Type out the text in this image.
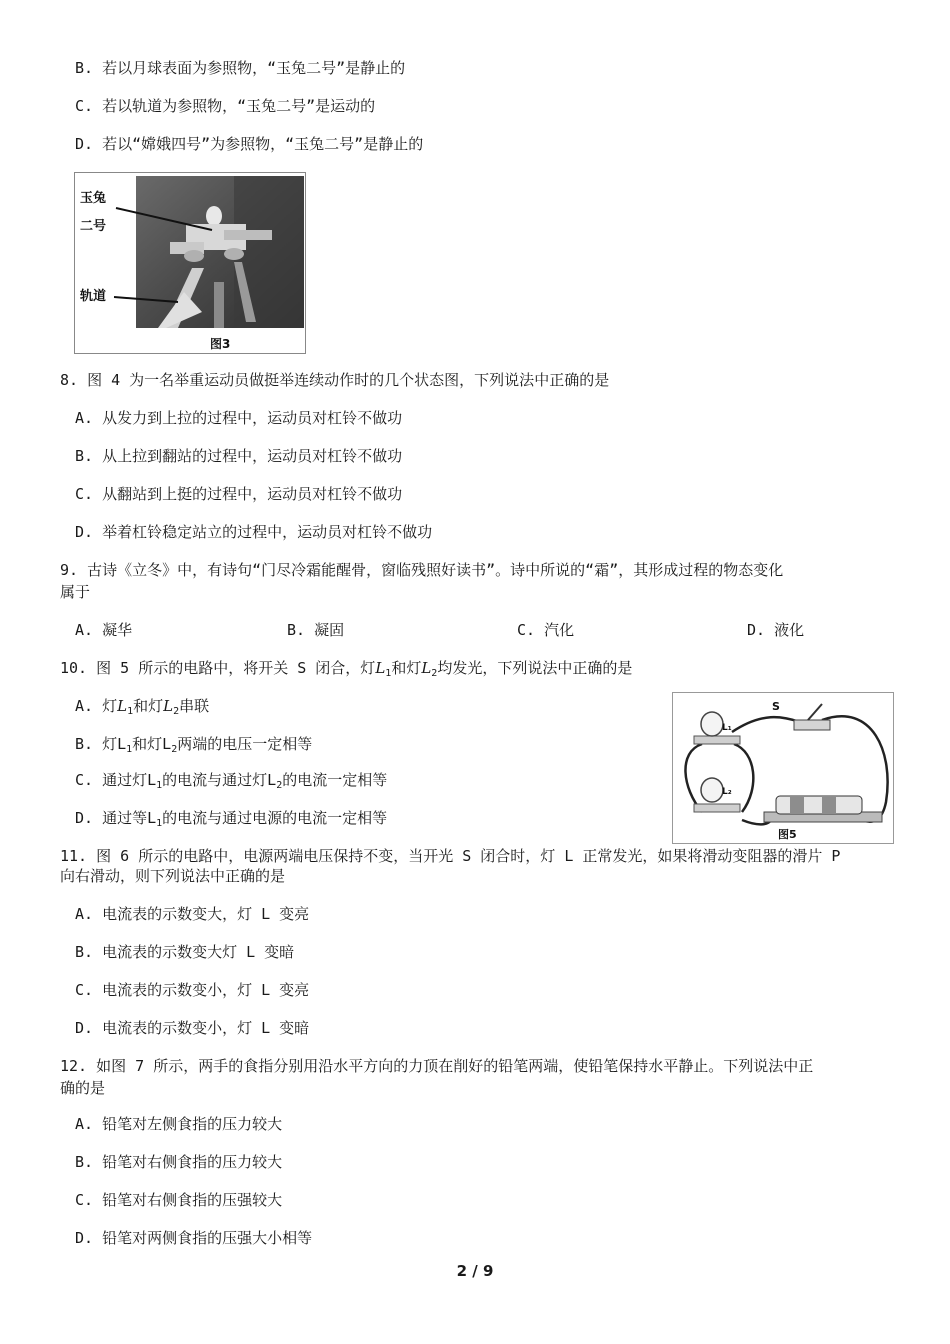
B. 若以月球表面为参照物，“玉兔二号”是静止的
C. 若以轨道为参照物，“玉兔二号”是运动的
D. 若以“嫦娥四号”为参照物，“玉兔二号”是静止的
玉兔
二号
轨道
图3
8. 图 4 为一名举重运动员做挺举连续动作时的几个状态图，下列说法中正确的是
A. 从发力到上拉的过程中，运动员对杠铃不做功
B. 从上拉到翻站的过程中，运动员对杠铃不做功
C. 从翻站到上挺的过程中，运动员对杠铃不做功
D. 举着杠铃稳定站立的过程中，运动员对杠铃不做功
9. 古诗《立冬》中，有诗句“门尽冷霜能醒骨，窗临残照好读书”。诗中所说的“霜”，其形成过程的物态变化
属于
A. 凝华	B. 凝固	C. 汽化	D. 液化
10. 图 5 所示的电路中，将开关 S 闭合，灯$L_1$和灯$L_2$均发光，下列说法中正确的是
A. 灯$L_1$和灯$L_2$串联
B. 灯$L_1$和灯$L_2$两端的电压一定相等
C. 通过灯$L_1$的电流与通过灯$L_2$的电流一定相等
D. 通过等$L_1$的电流与通过电源的电流一定相等
L₁
L₂
S
图5
11. 图 6 所示的电路中，电源两端电压保持不变，当开光 S 闭合时，灯 L 正常发光，如果将滑动变阻器的滑片 P
向右滑动，则下列说法中正确的是
A. 电流表的示数变大，灯 L 变亮
B. 电流表的示数变大灯 L 变暗
C. 电流表的示数变小，灯 L 变亮
D. 电流表的示数变小，灯 L 变暗
12. 如图 7 所示，两手的食指分别用沿水平方向的力顶在削好的铅笔两端，使铅笔保持水平静止。下列说法中正
确的是
A. 铅笔对左侧食指的压力较大
B. 铅笔对右侧食指的压力较大
C. 铅笔对右侧食指的压强较大
D. 铅笔对两侧食指的压强大小相等
2 / 9
